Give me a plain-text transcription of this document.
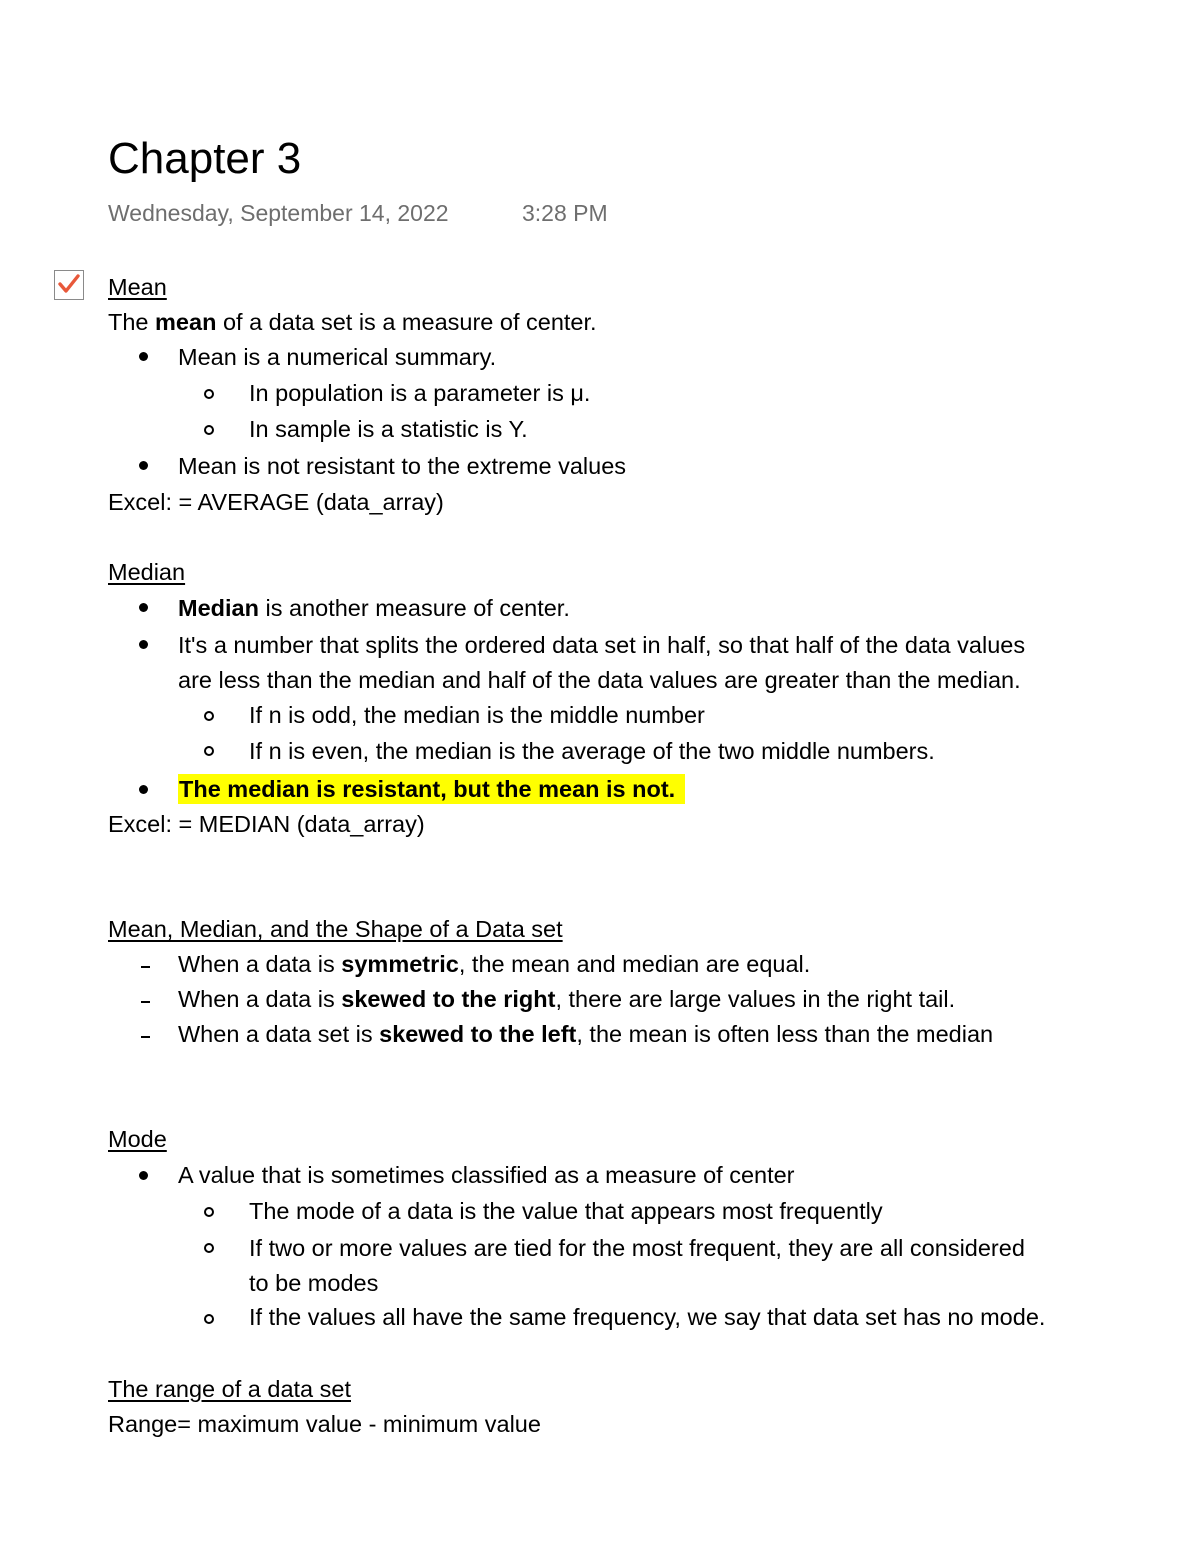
Chapter 3
Wednesday, September 14, 2022	3:28 PM
Mean
The mean of a data set is a measure of center.
Mean is a numerical summary.
In population is a parameter is μ.
In sample is a statistic is Y.
Mean is not resistant to the extreme values
Excel: = AVERAGE (data_array)
Median
Median is another measure of center.
It's a number that splits the ordered data set in half, so that half of the data values
are less than the median and half of the data values are greater than the median.
If n is odd, the median is the middle number
If n is even, the median is the average of the two middle numbers.
The median is resistant, but the mean is not.
Excel: = MEDIAN (data_array)
Mean, Median, and the Shape of a Data set
When a data is symmetric, the mean and median are equal.
When a data is skewed to the right, there are large values in the right tail.
When a data set is skewed to the left, the mean is often less than the median
Mode
A value that is sometimes classified as a measure of center
The mode of a data is the value that appears most frequently
If two or more values are tied for the most frequent, they are all considered
to be modes
If the values all have the same frequency, we say that data set has no mode.
The range of a data set
Range= maximum value - minimum value
